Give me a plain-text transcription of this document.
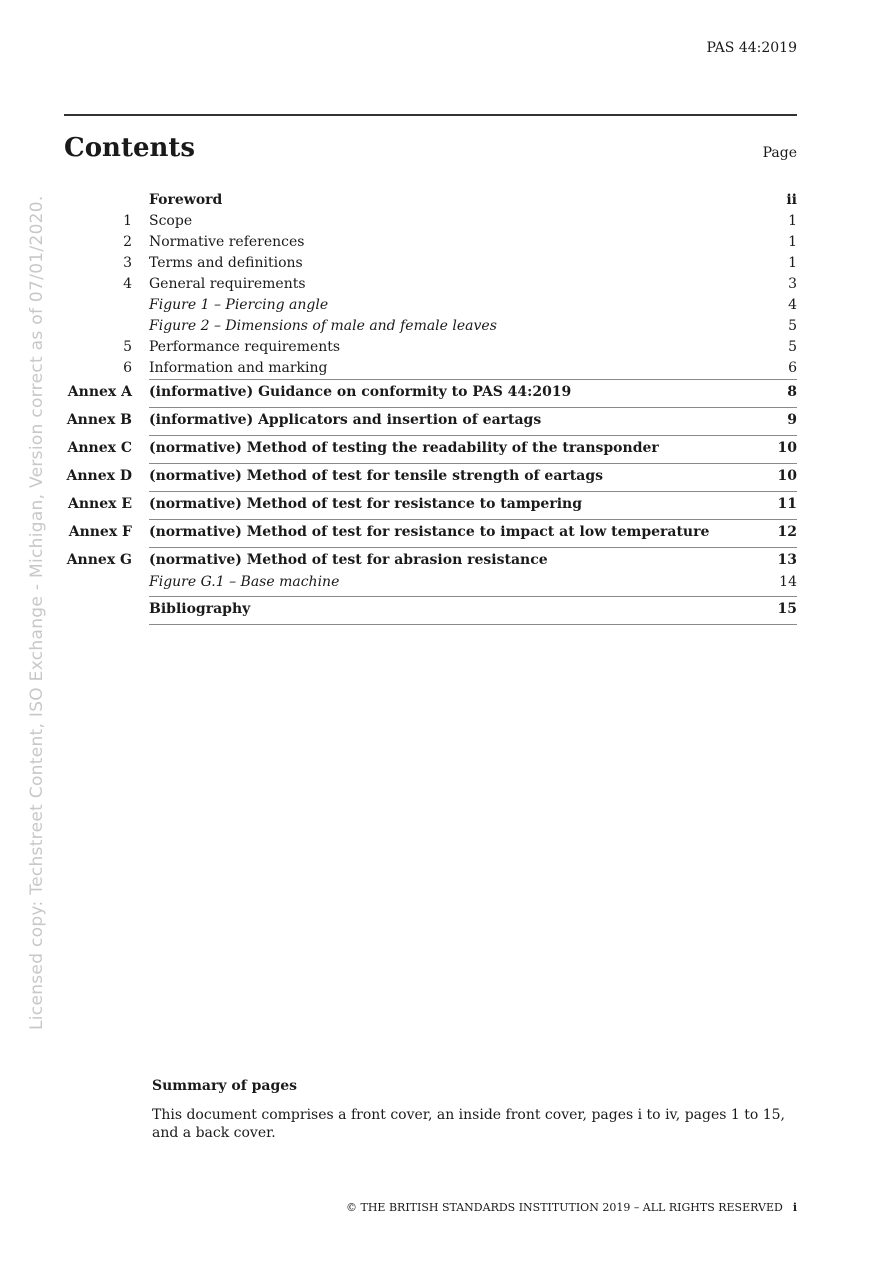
PAS 44:2019
Contents	Page
Foreword	ii
1 Scope	1
2 Normative references	1
3 Terms and definitions	1
4 General requirements	3
Figure 1 – Piercing angle	4
Figure 2 – Dimensions of male and female leaves	5
5 Performance requirements	5
6 Information and marking	6
Annex A (informative) Guidance on conformity to PAS 44:2019	8
Annex B (informative) Applicators and insertion of eartags	9
Annex C (normative) Method of testing the readability of the transponder	10
Annex D (normative) Method of test for tensile strength of eartags	10
Annex E (normative) Method of test for resistance to tampering	11
Annex F (normative) Method of test for resistance to impact at low temperature	12
Annex G (normative) Method of test for abrasion resistance	13
Figure G.1 – Base machine	14
Bibliography	15
Licensed copy: Techstreet Content, ISO Exchange - Michigan, Version correct as of 07/01/2020.
Summary of pages
This document comprises a front cover, an inside front cover, pages i to iv, pages 1 to 15, and a back cover.
© THE BRITISH STANDARDS INSTITUTION 2019 – ALL RIGHTS RESERVED i
